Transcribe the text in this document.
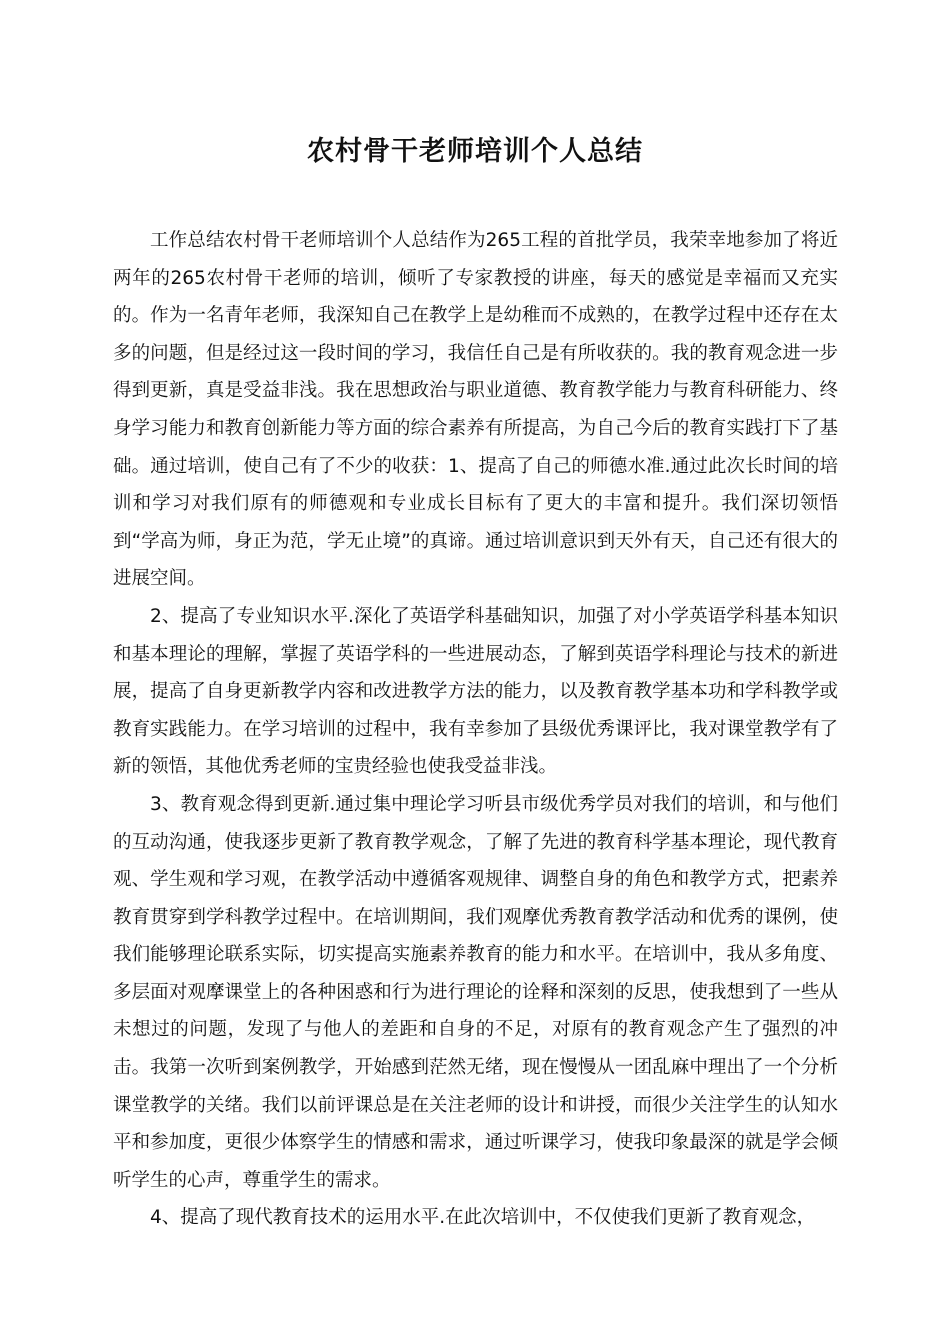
农村骨干老师培训个人总结

工作总结农村骨干老师培训个人总结作为265工程的首批学员，我荣幸地参加了将近两年的265农村骨干老师的培训，倾听了专家教授的讲座，每天的感觉是幸福而又充实的。作为一名青年老师，我深知自己在教学上是幼稚而不成熟的，在教学过程中还存在太多的问题，但是经过这一段时间的学习，我信任自己是有所收获的。我的教育观念进一步得到更新，真是受益非浅。我在思想政治与职业道德、教育教学能力与教育科研能力、终身学习能力和教育创新能力等方面的综合素养有所提高，为自己今后的教育实践打下了基础。通过培训，使自己有了不少的收获：1、提高了自己的师德水准.通过此次长时间的培训和学习对我们原有的师德观和专业成长目标有了更大的丰富和提升。我们深切领悟到“学高为师，身正为范，学无止境”的真谛。通过培训意识到天外有天，自己还有很大的进展空间。

2、提高了专业知识水平.深化了英语学科基础知识，加强了对小学英语学科基本知识和基本理论的理解，掌握了英语学科的一些进展动态，了解到英语学科理论与技术的新进展，提高了自身更新教学内容和改进教学方法的能力，以及教育教学基本功和学科教学或教育实践能力。在学习培训的过程中，我有幸参加了县级优秀课评比，我对课堂教学有了新的领悟，其他优秀老师的宝贵经验也使我受益非浅。

3、教育观念得到更新.通过集中理论学习听县市级优秀学员对我们的培训，和与他们的互动沟通，使我逐步更新了教育教学观念，了解了先进的教育科学基本理论，现代教育观、学生观和学习观，在教学活动中遵循客观规律、调整自身的角色和教学方式，把素养教育贯穿到学科教学过程中。在培训期间，我们观摩优秀教育教学活动和优秀的课例，使我们能够理论联系实际，切实提高实施素养教育的能力和水平。在培训中，我从多角度、多层面对观摩课堂上的各种困惑和行为进行理论的诠释和深刻的反思，使我想到了一些从未想过的问题，发现了与他人的差距和自身的不足，对原有的教育观念产生了强烈的冲击。我第一次听到案例教学，开始感到茫然无绪，现在慢慢从一团乱麻中理出了一个分析课堂教学的关绪。我们以前评课总是在关注老师的设计和讲授，而很少关注学生的认知水平和参加度，更很少体察学生的情感和需求，通过听课学习，使我印象最深的就是学会倾听学生的心声，尊重学生的需求。

4、提高了现代教育技术的运用水平.在此次培训中，不仅使我们更新了教育观念，
